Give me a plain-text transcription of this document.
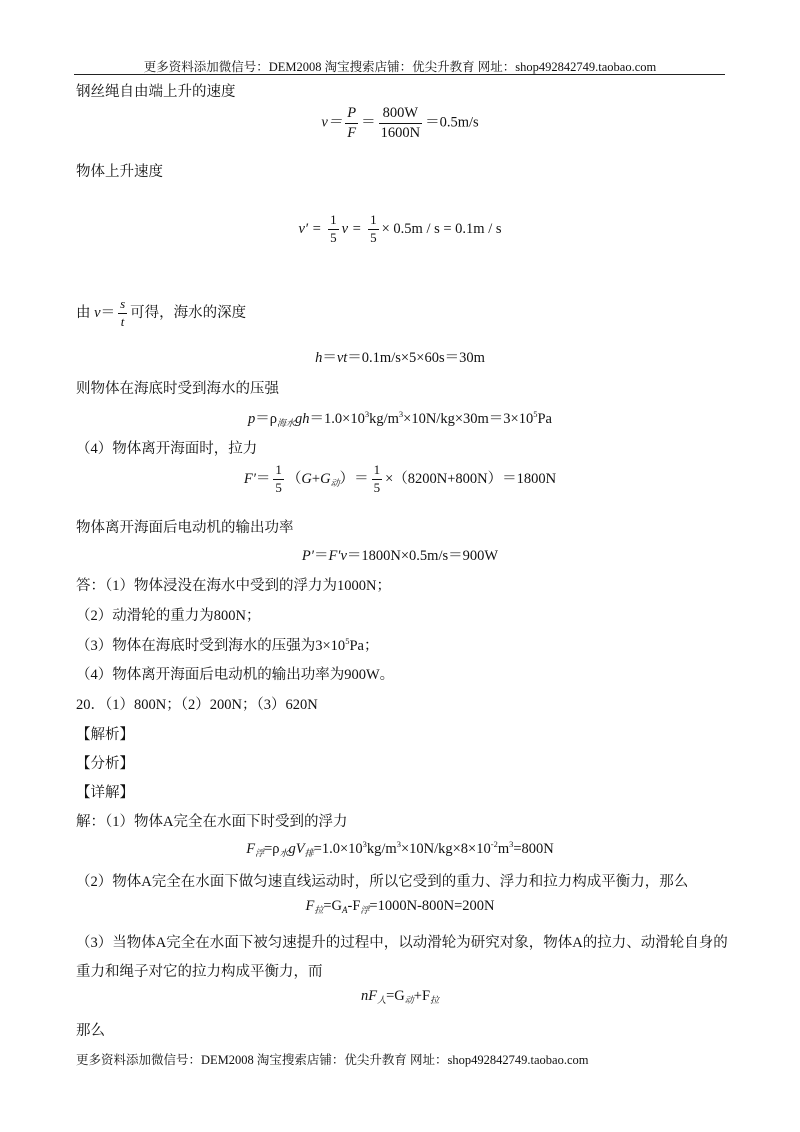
更多资料添加微信号：DEM2008 淘宝搜索店铺：优尖升教育 网址：shop492842749.taobao.com
钢丝绳自由端上升的速度
$v= \frac{P}{F} = \frac{800W}{1600N} =0.5m/s$
物体上升速度
$v' = \frac{1}{5}$ $v = \frac{1}{5} \times 0.5m / s = 0.1m / s$
由 $v= \frac{s}{t}$ 可得，海水的深度
h＝vt＝0.1m/s×5×60s＝30m
则物体在海底时受到海水的压强
$p=\rho_{海水}gh=1.0\times 10^3kg/m^3\times 10N/kg\times 30m=3\times 10^5Pa$
（4）物体离开海面时，拉力
$F'= \frac{1}{5} (G+G_动)= \frac{1}{5} \times(8200N+800N)=1800N$
物体离开海面后电动机的输出功率
P′＝F′v＝1800N×0.5m/s＝900W
答：（1）物体浸没在海水中受到的浮力为1000N；
（2）动滑轮的重力为800N；
（3）物体在海底时受到海水的压强为$3\times 10^5Pa$；
（4）物体离开海面后电动机的输出功率为900W。
20．（1）800N；（2）200N；（3）620N
【解析】
【分析】
【详解】
解：（1）物体A完全在水面下时受到的浮力
$F_浮=\rho_水gV_排=1.0\times 10^3kg/m^3\times 10N/kg\times 8\times 10^{-2}m^3=800N$
（2）物体A完全在水面下做匀速直线运动时，所以它受到的重力、浮力和拉力构成平衡力，那么
$F_拉=G_A-F_浮=1000N-800N=200N$
（3）当物体A完全在水面下被匀速提升的过程中，以动滑轮为研究对象，物体A的拉力、动滑轮自身的
重力和绳子对它的拉力构成平衡力，而
$nF_人=G_动+F_拉$
那么
更多资料添加微信号：DEM2008 淘宝搜索店铺：优尖升教育 网址：shop492842749.taobao.com
